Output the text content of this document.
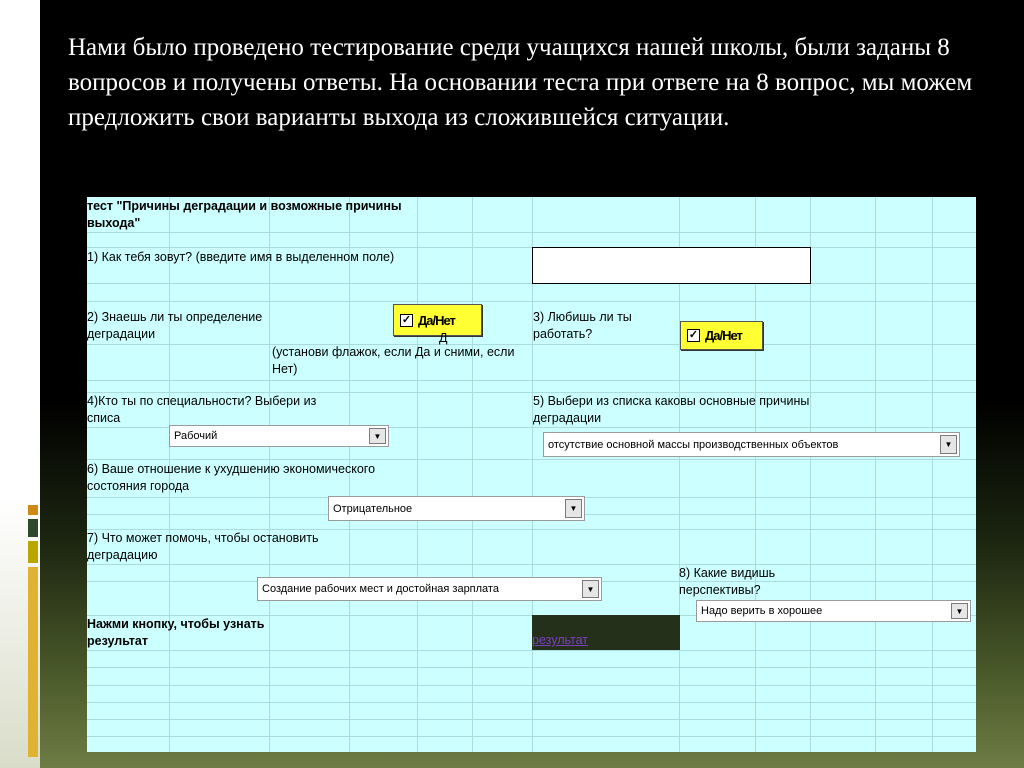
Нами было проведено тестирование среди учащихся нашей школы, были заданы 8 вопросов и получены ответы. На основании теста при ответе на 8 вопрос, мы можем предложить свои варианты выхода из сложившейся ситуации.

тест "Причины деградации и возможные причины выхода"

1) Как тебя зовут? (введите имя в выделенном поле)

2) Знаешь ли ты определение деградации

✓ Да/Нет

Д

(установи флажок, если Да и сними, если Нет)

3) Любишь ли ты работать?	✓ Да/Нет

4)Кто ты по специальности? Выбери из списа

Рабочий	▼

5) Выбери из списка каковы основные причины деградации

отсутствие основной массы производственных объектов	▼

6) Ваше отношение к ухудшению экономического состояния города

Отрицательное	▼

7) Что может помочь, чтобы остановить деградацию

Создание рабочих мест и достойная зарплата	▼

8) Какие видишь перспективы?

Надо верить в хорошее	▼

Нажми кнопку, чтобы узнать результат	результат
